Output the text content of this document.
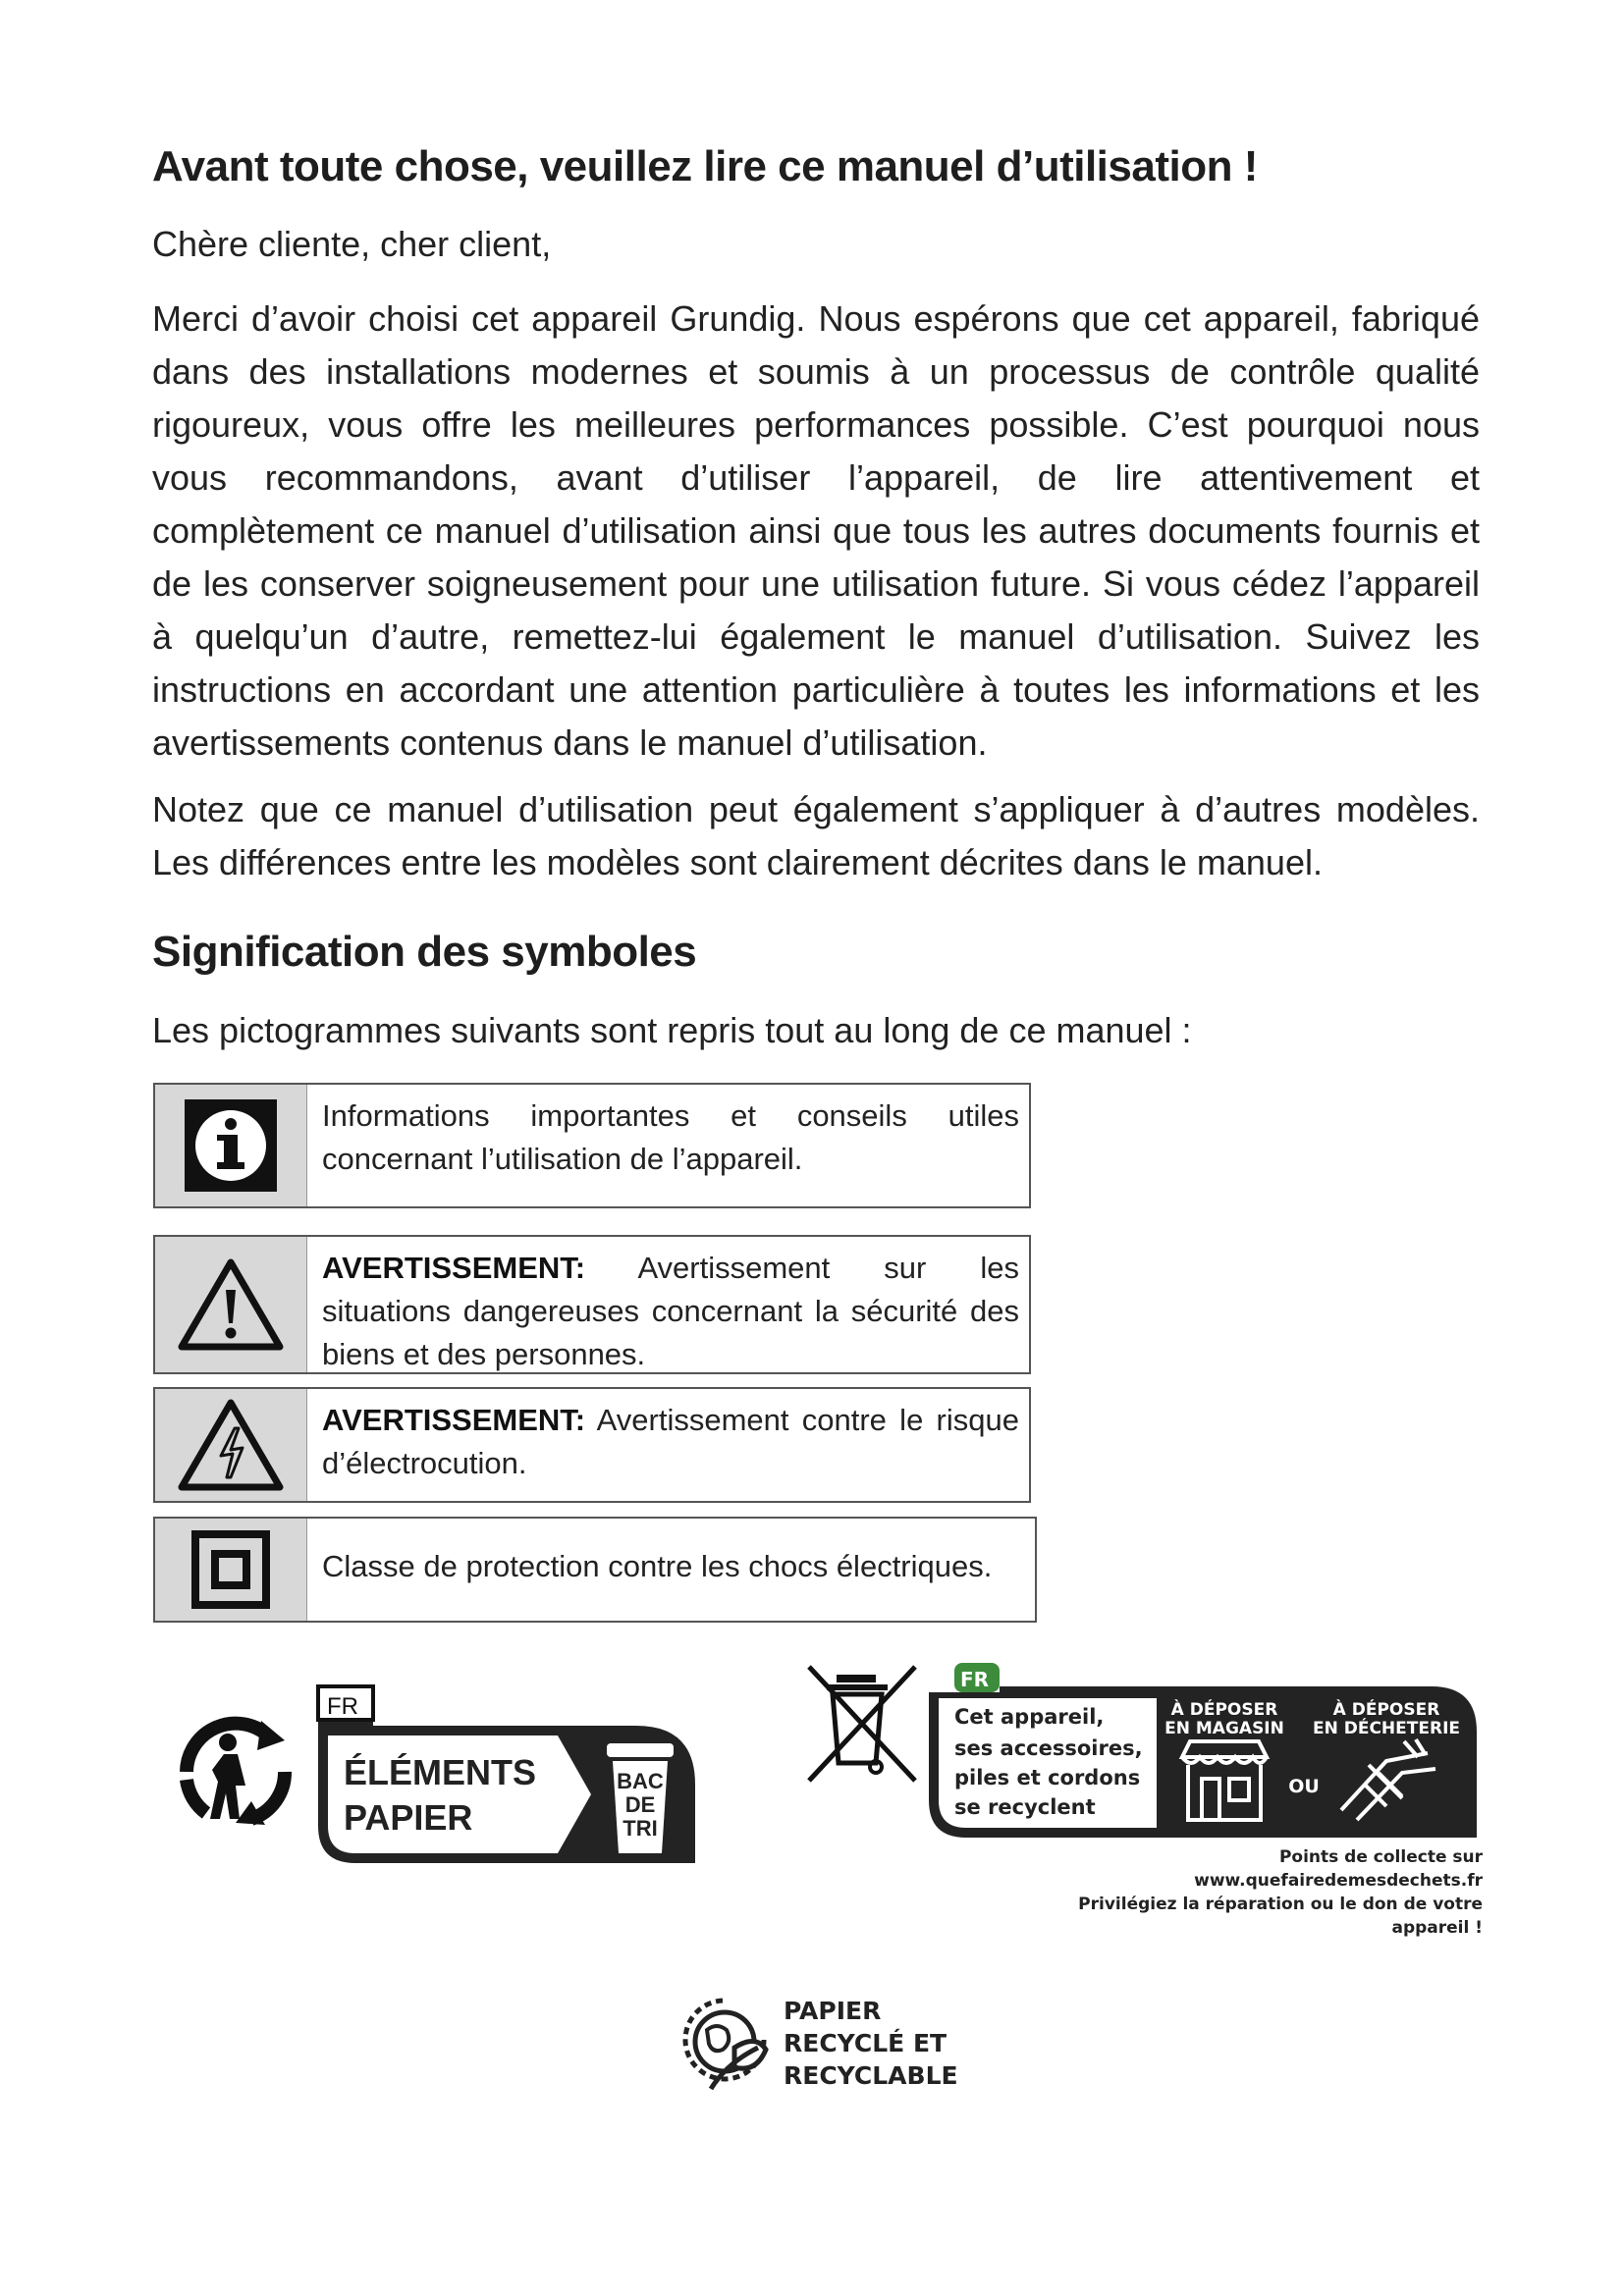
Avant toute chose, veuillez lire ce manuel d’utilisation !

Chère cliente, cher client,

Merci d’avoir choisi cet appareil Grundig. Nous espérons que cet appareil, fabriqué dans des installations modernes et soumis à un processus de contrôle qualité rigoureux, vous offre les meilleures performances possible. C’est pourquoi nous vous recommandons, avant d’utiliser l’appareil, de lire attentivement et complètement ce manuel d’utilisation ainsi que tous les autres documents fournis et de les conserver soigneusement pour une utilisation future. Si vous cédez l’appareil à quelqu’un d’autre, remettez-lui également le manuel d’utilisation. Suivez les instructions en accordant une attention particulière à toutes les informations et les avertissements contenus dans le manuel d’utilisation.

Notez que ce manuel d’utilisation peut également s’appliquer à d’autres modèles. Les différences entre les modèles sont clairement décrites dans le manuel.

Signification des symboles

Les pictogrammes suivants sont repris tout au long de ce manuel :

Informations importantes et conseils utiles concernant l’utilisation de l’appareil.
AVERTISSEMENT: Avertissement sur les situations dangereuses concernant la sécurité des biens et des personnes.
AVERTISSEMENT: Avertissement contre le risque d’électrocution.
Classe de protection contre les chocs électriques.
FR
ÉLÉMENTS
PAPIER
BAC
DE
TRI
FR
Cet appareil,
ses accessoires,
piles et cordons
se recyclent
À DÉPOSER
EN MAGASIN
À DÉPOSER
EN DÉCHETERIE
OU
Points de collecte sur www.quefairedemesdechets.fr
Privilégiez la réparation ou le don de votre appareil !
PAPIER
RECYCLÉ ET
RECYCLABLE
